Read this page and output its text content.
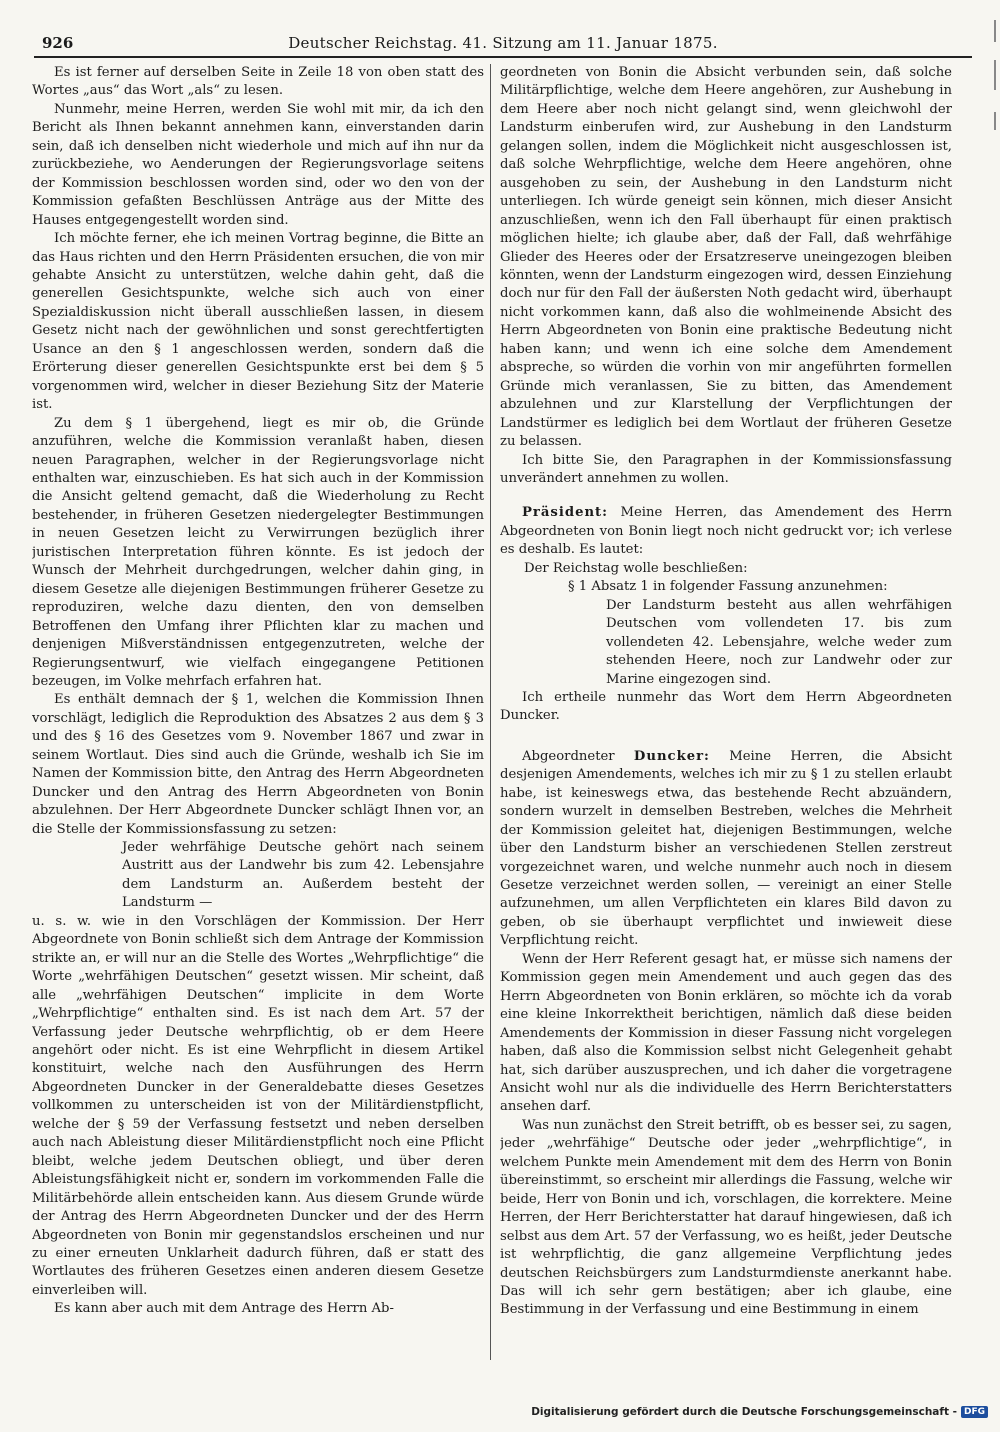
926	Deutscher Reichstag. 41. Sitzung am 11. Januar 1875.

Es ist ferner auf derselben Seite in Zeile 18 von oben statt des Wortes „aus“ das Wort „als“ zu lesen.

Nunmehr, meine Herren, werden Sie wohl mit mir, da ich den Bericht als Ihnen bekannt annehmen kann, einverstanden darin sein, daß ich denselben nicht wiederhole und mich auf ihn nur da zurückbeziehe, wo Aenderungen der Regierungsvorlage seitens der Kommission beschlossen worden sind, oder wo den von der Kommission gefaßten Beschlüssen Anträge aus der Mitte des Hauses entgegengestellt worden sind.

Ich möchte ferner, ehe ich meinen Vortrag beginne, die Bitte an das Haus richten und den Herrn Präsidenten ersuchen, die von mir gehabte Ansicht zu unterstützen, welche dahin geht, daß die generellen Gesichtspunkte, welche sich auch von einer Spezialdiskussion nicht überall ausschließen lassen, in diesem Gesetz nicht nach der gewöhnlichen und sonst gerechtfertigten Usance an den § 1 angeschlossen werden, sondern daß die Erörterung dieser generellen Gesichtspunkte erst bei dem § 5 vorgenommen wird, welcher in dieser Beziehung Sitz der Materie ist.

Zu dem § 1 übergehend, liegt es mir ob, die Gründe anzuführen, welche die Kommission veranlaßt haben, diesen neuen Paragraphen, welcher in der Regierungsvorlage nicht enthalten war, einzuschieben. Es hat sich auch in der Kommission die Ansicht geltend gemacht, daß die Wiederholung zu Recht bestehender, in früheren Gesetzen niedergelegter Bestimmungen in neuen Gesetzen leicht zu Verwirrungen bezüglich ihrer juristischen Interpretation führen könnte. Es ist jedoch der Wunsch der Mehrheit durchgedrungen, welcher dahin ging, in diesem Gesetze alle diejenigen Bestimmungen früherer Gesetze zu reproduziren, welche dazu dienten, den von demselben Betroffenen den Umfang ihrer Pflichten klar zu machen und denjenigen Mißverständnissen entgegenzutreten, welche der Regierungsentwurf, wie vielfach eingegangene Petitionen bezeugen, im Volke mehrfach erfahren hat.

Es enthält demnach der § 1, welchen die Kommission Ihnen vorschlägt, lediglich die Reproduktion des Absatzes 2 aus dem § 3 und des § 16 des Gesetzes vom 9. November 1867 und zwar in seinem Wortlaut. Dies sind auch die Gründe, weshalb ich Sie im Namen der Kommission bitte, den Antrag des Herrn Abgeordneten Duncker und den Antrag des Herrn Abgeordneten von Bonin abzulehnen. Der Herr Abgeordnete Duncker schlägt Ihnen vor, an die Stelle der Kommissionsfassung zu setzen:

Jeder wehrfähige Deutsche gehört nach seinem Austritt aus der Landwehr bis zum 42. Lebensjahre dem Landsturm an. Außerdem besteht der Landsturm —

u. s. w. wie in den Vorschlägen der Kommission. Der Herr Abgeordnete von Bonin schließt sich dem Antrage der Kommission strikte an, er will nur an die Stelle des Wortes „Wehrpflichtige“ die Worte „wehrfähigen Deutschen“ gesetzt wissen. Mir scheint, daß alle „wehrfähigen Deutschen“ implicite in dem Worte „Wehrpflichtige“ enthalten sind. Es ist nach dem Art. 57 der Verfassung jeder Deutsche wehrpflichtig, ob er dem Heere angehört oder nicht. Es ist eine Wehrpflicht in diesem Artikel konstituirt, welche nach den Ausführungen des Herrn Abgeordneten Duncker in der Generaldebatte dieses Gesetzes vollkommen zu unterscheiden ist von der Militärdienstpflicht, welche der § 59 der Verfassung festsetzt und neben derselben auch nach Ableistung dieser Militärdienstpflicht noch eine Pflicht bleibt, welche jedem Deutschen obliegt, und über deren Ableistungsfähigkeit nicht er, sondern im vorkommenden Falle die Militärbehörde allein entscheiden kann. Aus diesem Grunde würde der Antrag des Herrn Abgeordneten Duncker und der des Herrn Abgeordneten von Bonin mir gegenstandslos erscheinen und nur zu einer erneuten Unklarheit dadurch führen, daß er statt des Wortlautes des früheren Gesetzes einen anderen diesem Gesetze einverleiben will.

Es kann aber auch mit dem Antrage des Herrn Ab-

geordneten von Bonin die Absicht verbunden sein, daß solche Militärpflichtige, welche dem Heere angehören, zur Aushebung in dem Heere aber noch nicht gelangt sind, wenn gleichwohl der Landsturm einberufen wird, zur Aushebung in den Landsturm gelangen sollen, indem die Möglichkeit nicht ausgeschlossen ist, daß solche Wehrpflichtige, welche dem Heere angehören, ohne ausgehoben zu sein, der Aushebung in den Landsturm nicht unterliegen. Ich würde geneigt sein können, mich dieser Ansicht anzuschließen, wenn ich den Fall überhaupt für einen praktisch möglichen hielte; ich glaube aber, daß der Fall, daß wehrfähige Glieder des Heeres oder der Ersatzreserve uneingezogen bleiben könnten, wenn der Landsturm eingezogen wird, dessen Einziehung doch nur für den Fall der äußersten Noth gedacht wird, überhaupt nicht vorkommen kann, daß also die wohlmeinende Absicht des Herrn Abgeordneten von Bonin eine praktische Bedeutung nicht haben kann; und wenn ich eine solche dem Amendement abspreche, so würden die vorhin von mir angeführten formellen Gründe mich veranlassen, Sie zu bitten, das Amendement abzulehnen und zur Klarstellung der Verpflichtungen der Landstürmer es lediglich bei dem Wortlaut der früheren Gesetze zu belassen.

Ich bitte Sie, den Paragraphen in der Kommissionsfassung unverändert annehmen zu wollen.

Präsident: Meine Herren, das Amendement des Herrn Abgeordneten von Bonin liegt noch nicht gedruckt vor; ich verlese es deshalb. Es lautet:

Der Reichstag wolle beschließen:

§ 1 Absatz 1 in folgender Fassung anzunehmen:

Der Landsturm besteht aus allen wehrfähigen Deutschen vom vollendeten 17. bis zum vollendeten 42. Lebensjahre, welche weder zum stehenden Heere, noch zur Landwehr oder zur Marine eingezogen sind.

Ich ertheile nunmehr das Wort dem Herrn Abgeordneten Duncker.

Abgeordneter Duncker: Meine Herren, die Absicht desjenigen Amendements, welches ich mir zu § 1 zu stellen erlaubt habe, ist keineswegs etwa, das bestehende Recht abzuändern, sondern wurzelt in demselben Bestreben, welches die Mehrheit der Kommission geleitet hat, diejenigen Bestimmungen, welche über den Landsturm bisher an verschiedenen Stellen zerstreut vorgezeichnet waren, und welche nunmehr auch noch in diesem Gesetze verzeichnet werden sollen, — vereinigt an einer Stelle aufzunehmen, um allen Verpflichteten ein klares Bild davon zu geben, ob sie überhaupt verpflichtet und inwieweit diese Verpflichtung reicht.

Wenn der Herr Referent gesagt hat, er müsse sich namens der Kommission gegen mein Amendement und auch gegen das des Herrn Abgeordneten von Bonin erklären, so möchte ich da vorab eine kleine Inkorrektheit berichtigen, nämlich daß diese beiden Amendements der Kommission in dieser Fassung nicht vorgelegen haben, daß also die Kommission selbst nicht Gelegenheit gehabt hat, sich darüber auszusprechen, und ich daher die vorgetragene Ansicht wohl nur als die individuelle des Herrn Berichterstatters ansehen darf.

Was nun zunächst den Streit betrifft, ob es besser sei, zu sagen, jeder „wehrfähige“ Deutsche oder jeder „wehrpflichtige“, in welchem Punkte mein Amendement mit dem des Herrn von Bonin übereinstimmt, so erscheint mir allerdings die Fassung, welche wir beide, Herr von Bonin und ich, vorschlagen, die korrektere. Meine Herren, der Herr Berichterstatter hat darauf hingewiesen, daß ich selbst aus dem Art. 57 der Verfassung, wo es heißt, jeder Deutsche ist wehrpflichtig, die ganz allgemeine Verpflichtung jedes deutschen Reichsbürgers zum Landsturmdienste anerkannt habe. Das will ich sehr gern bestätigen; aber ich glaube, eine Bestimmung in der Verfassung und eine Bestimmung in einem

Digitalisierung gefördert durch die Deutsche Forschungsgemeinschaft - DFG
